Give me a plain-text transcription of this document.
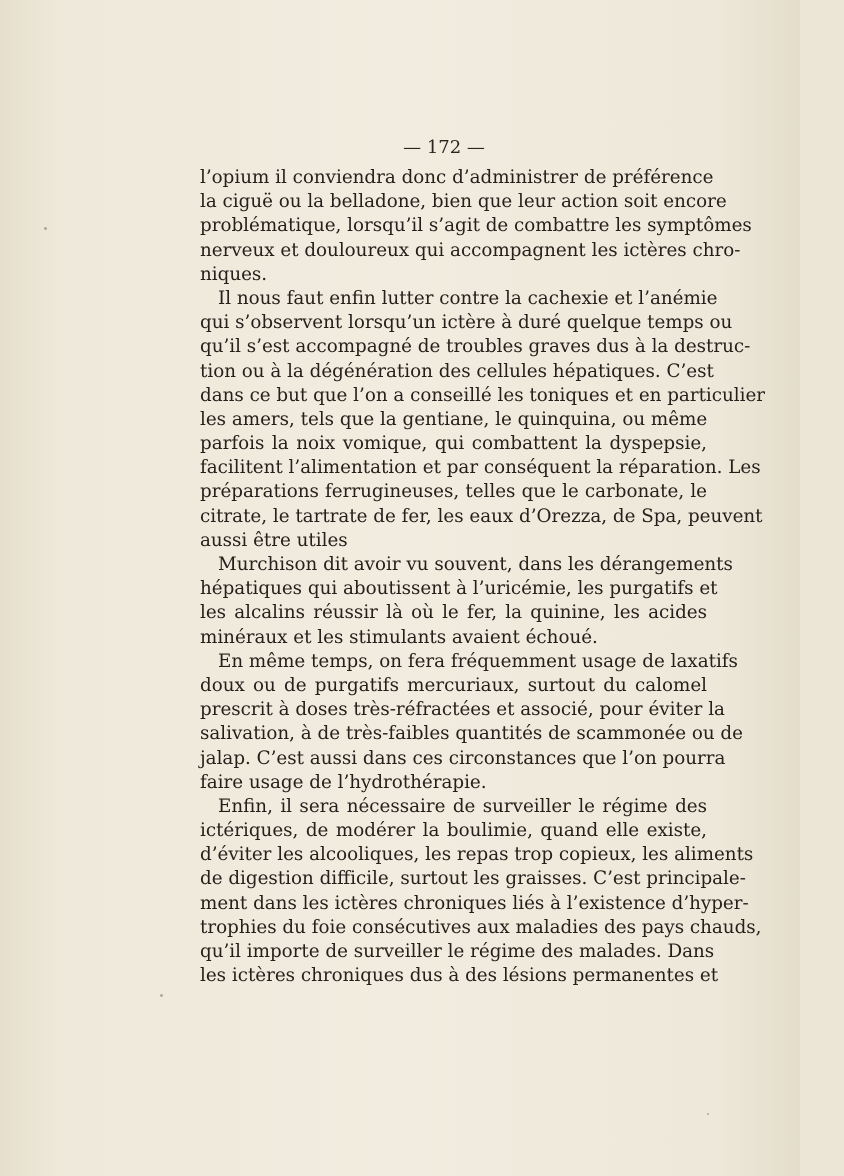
— 172 —
l’opium il conviendra donc d’administrer de préférence
la ciguë ou la belladone, bien que leur action soit encore
problématique, lorsqu’il s’agit de combattre les symptômes
nerveux et douloureux qui accompagnent les ictères chro-
niques.
Il nous faut enfin lutter contre la cachexie et l’anémie
qui s’observent lorsqu’un ictère à duré quelque temps ou
qu’il s’est accompagné de troubles graves dus à la destruc-
tion ou à la dégénération des cellules hépatiques. C’est
dans ce but que l’on a conseillé les toniques et en particulier
les amers, tels que la gentiane, le quinquina, ou même
parfois la noix vomique, qui combattent la dyspepsie,
facilitent l’alimentation et par conséquent la réparation. Les
préparations ferrugineuses, telles que le carbonate, le
citrate, le tartrate de fer, les eaux d’Orezza, de Spa, peuvent
aussi être utiles
Murchison dit avoir vu souvent, dans les dérangements
hépatiques qui aboutissent à l’uricémie, les purgatifs et
les alcalins réussir là où le fer, la quinine, les acides
minéraux et les stimulants avaient échoué.
En même temps, on fera fréquemment usage de laxatifs
doux ou de purgatifs mercuriaux, surtout du calomel
prescrit à doses très-réfractées et associé, pour éviter la
salivation, à de très-faibles quantités de scammonée ou de
jalap. C’est aussi dans ces circonstances que l’on pourra
faire usage de l’hydrothérapie.
Enfin, il sera nécessaire de surveiller le régime des
ictériques, de modérer la boulimie, quand elle existe,
d’éviter les alcooliques, les repas trop copieux, les aliments
de digestion difficile, surtout les graisses. C’est principale-
ment dans les ictères chroniques liés à l’existence d’hyper-
trophies du foie consécutives aux maladies des pays chauds,
qu’il importe de surveiller le régime des malades. Dans
les ictères chroniques dus à des lésions permanentes et
